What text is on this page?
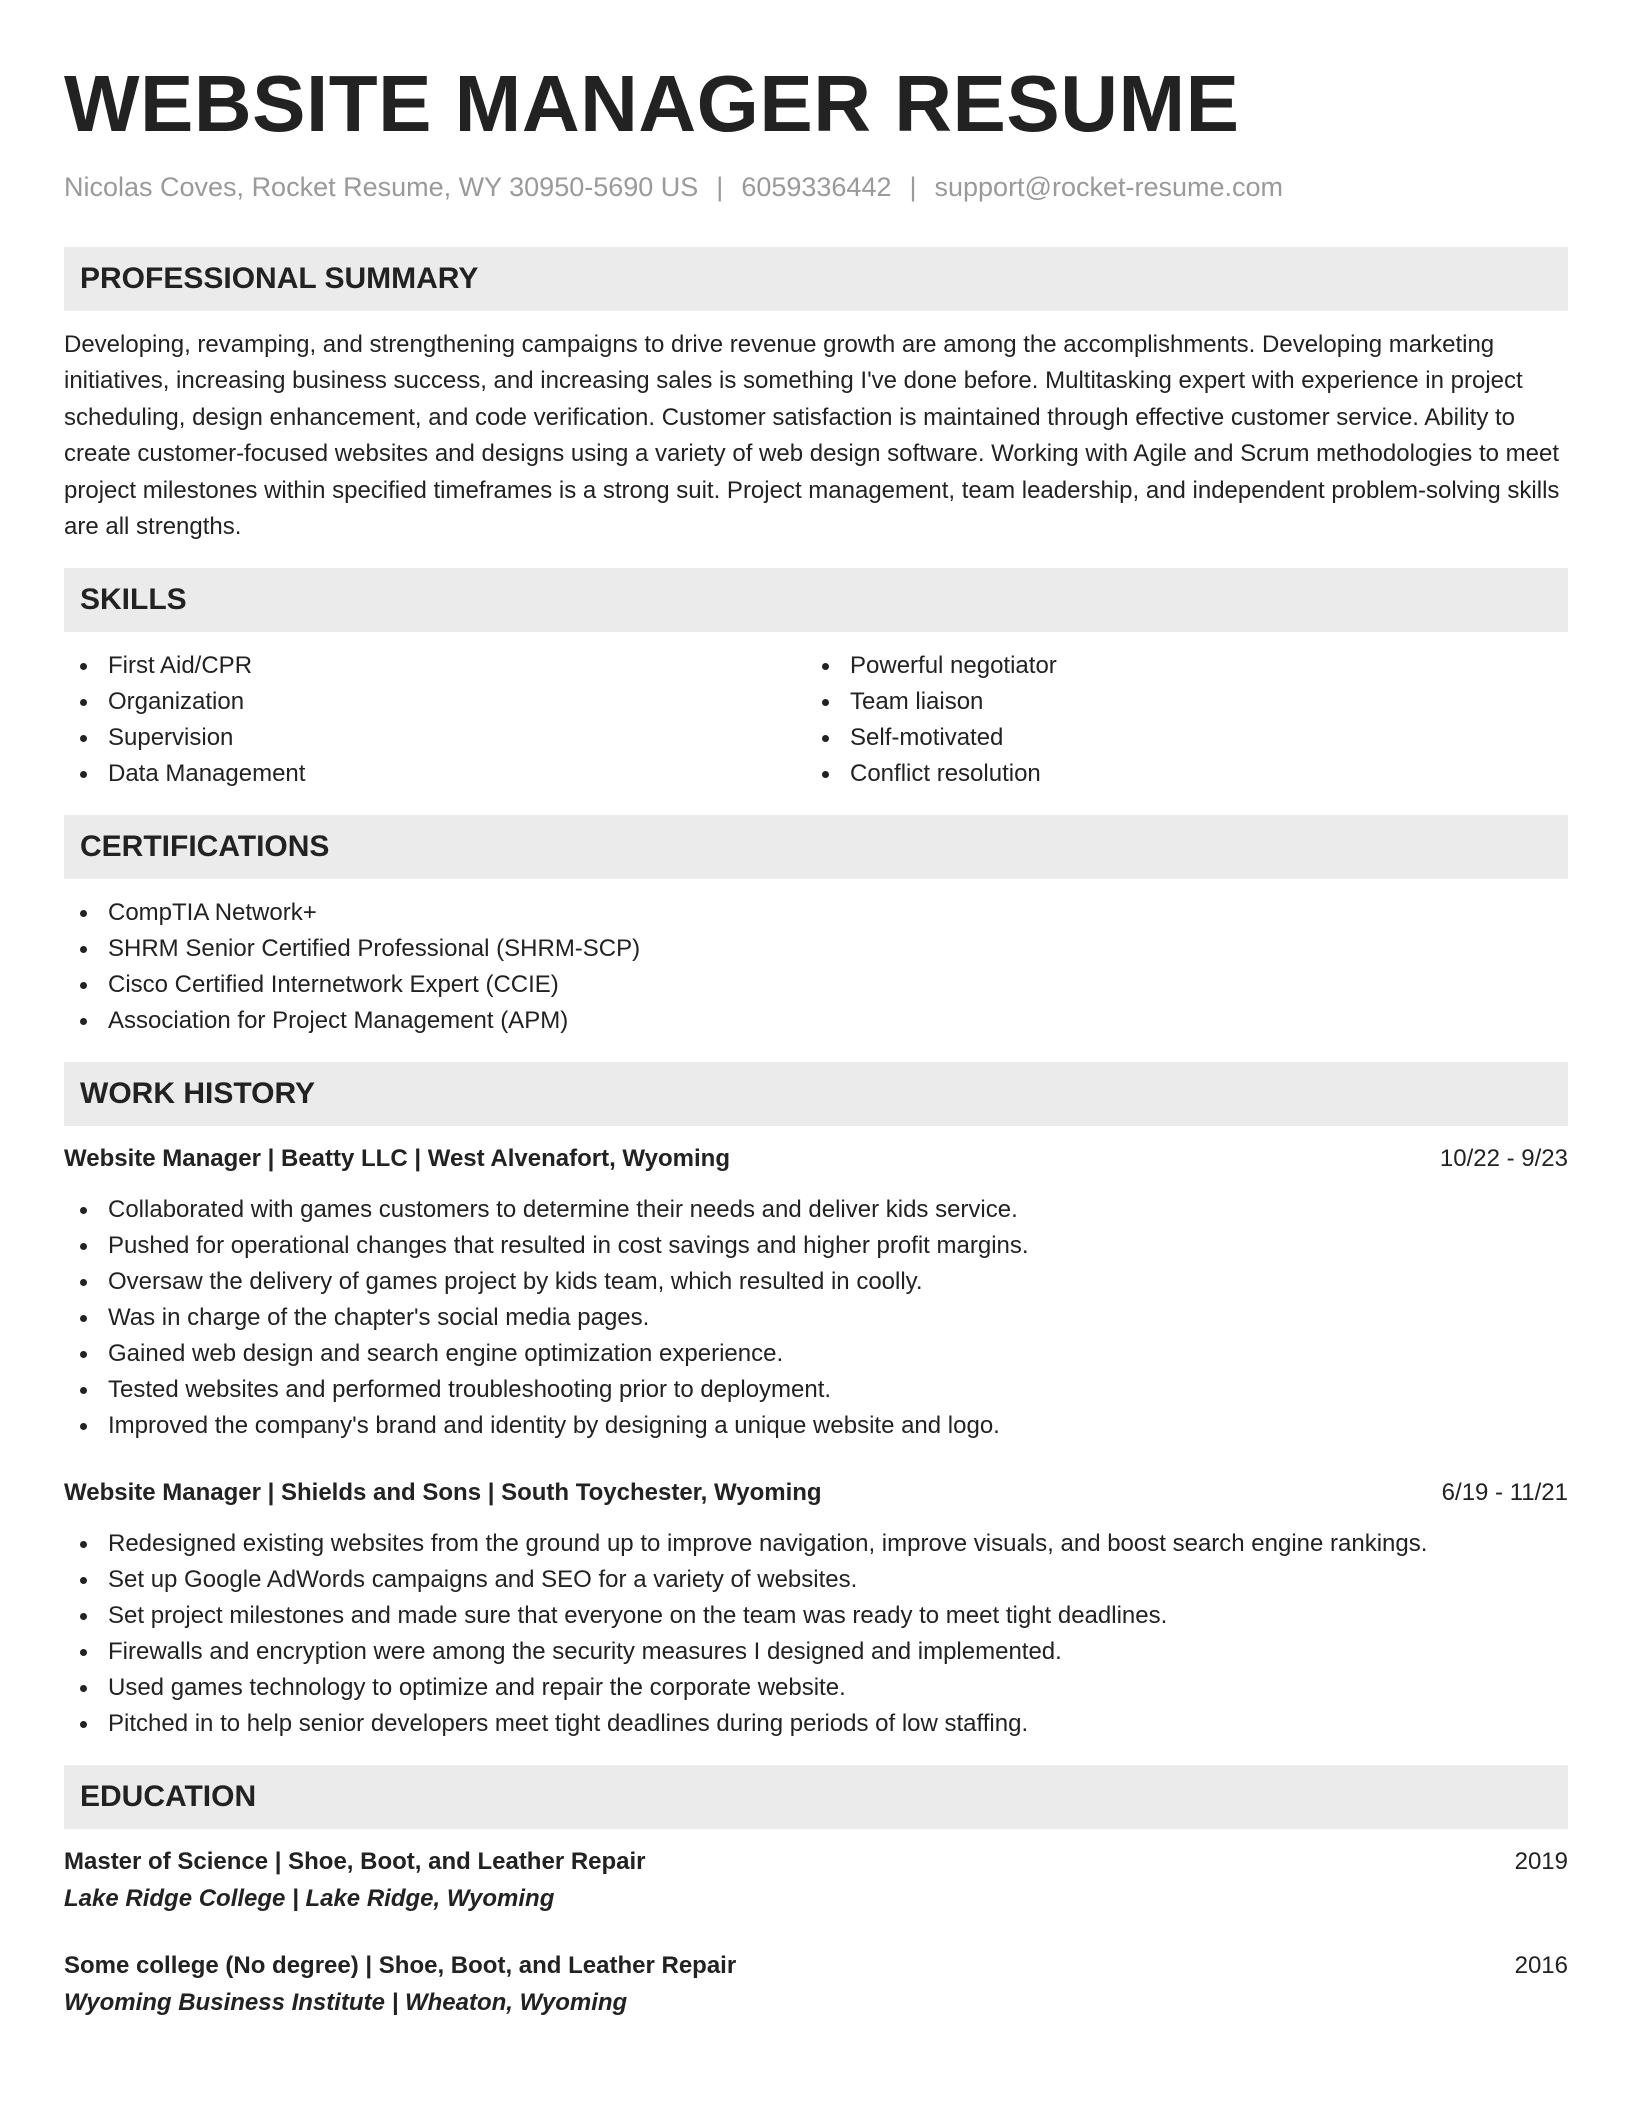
WEBSITE MANAGER RESUME
Nicolas Coves, Rocket Resume, WY 30950-5690 US | 6059336442 | support@rocket-resume.com
PROFESSIONAL SUMMARY
Developing, revamping, and strengthening campaigns to drive revenue growth are among the accomplishments. Developing marketing initiatives, increasing business success, and increasing sales is something I've done before. Multitasking expert with experience in project scheduling, design enhancement, and code verification. Customer satisfaction is maintained through effective customer service. Ability to create customer-focused websites and designs using a variety of web design software. Working with Agile and Scrum methodologies to meet project milestones within specified timeframes is a strong suit. Project management, team leadership, and independent problem-solving skills are all strengths.
SKILLS
First Aid/CPR
Organization
Supervision
Data Management
Powerful negotiator
Team liaison
Self-motivated
Conflict resolution
CERTIFICATIONS
CompTIA Network+
SHRM Senior Certified Professional (SHRM-SCP)
Cisco Certified Internetwork Expert (CCIE)
Association for Project Management (APM)
WORK HISTORY
Website Manager | Beatty LLC | West Alvenafort, Wyoming	10/22 - 9/23
Collaborated with games customers to determine their needs and deliver kids service.
Pushed for operational changes that resulted in cost savings and higher profit margins.
Oversaw the delivery of games project by kids team, which resulted in coolly.
Was in charge of the chapter's social media pages.
Gained web design and search engine optimization experience.
Tested websites and performed troubleshooting prior to deployment.
Improved the company's brand and identity by designing a unique website and logo.
Website Manager | Shields and Sons | South Toychester, Wyoming	6/19 - 11/21
Redesigned existing websites from the ground up to improve navigation, improve visuals, and boost search engine rankings.
Set up Google AdWords campaigns and SEO for a variety of websites.
Set project milestones and made sure that everyone on the team was ready to meet tight deadlines.
Firewalls and encryption were among the security measures I designed and implemented.
Used games technology to optimize and repair the corporate website.
Pitched in to help senior developers meet tight deadlines during periods of low staffing.
EDUCATION
Master of Science | Shoe, Boot, and Leather Repair	2019
Lake Ridge College | Lake Ridge, Wyoming
Some college (No degree) | Shoe, Boot, and Leather Repair	2016
Wyoming Business Institute | Wheaton, Wyoming
